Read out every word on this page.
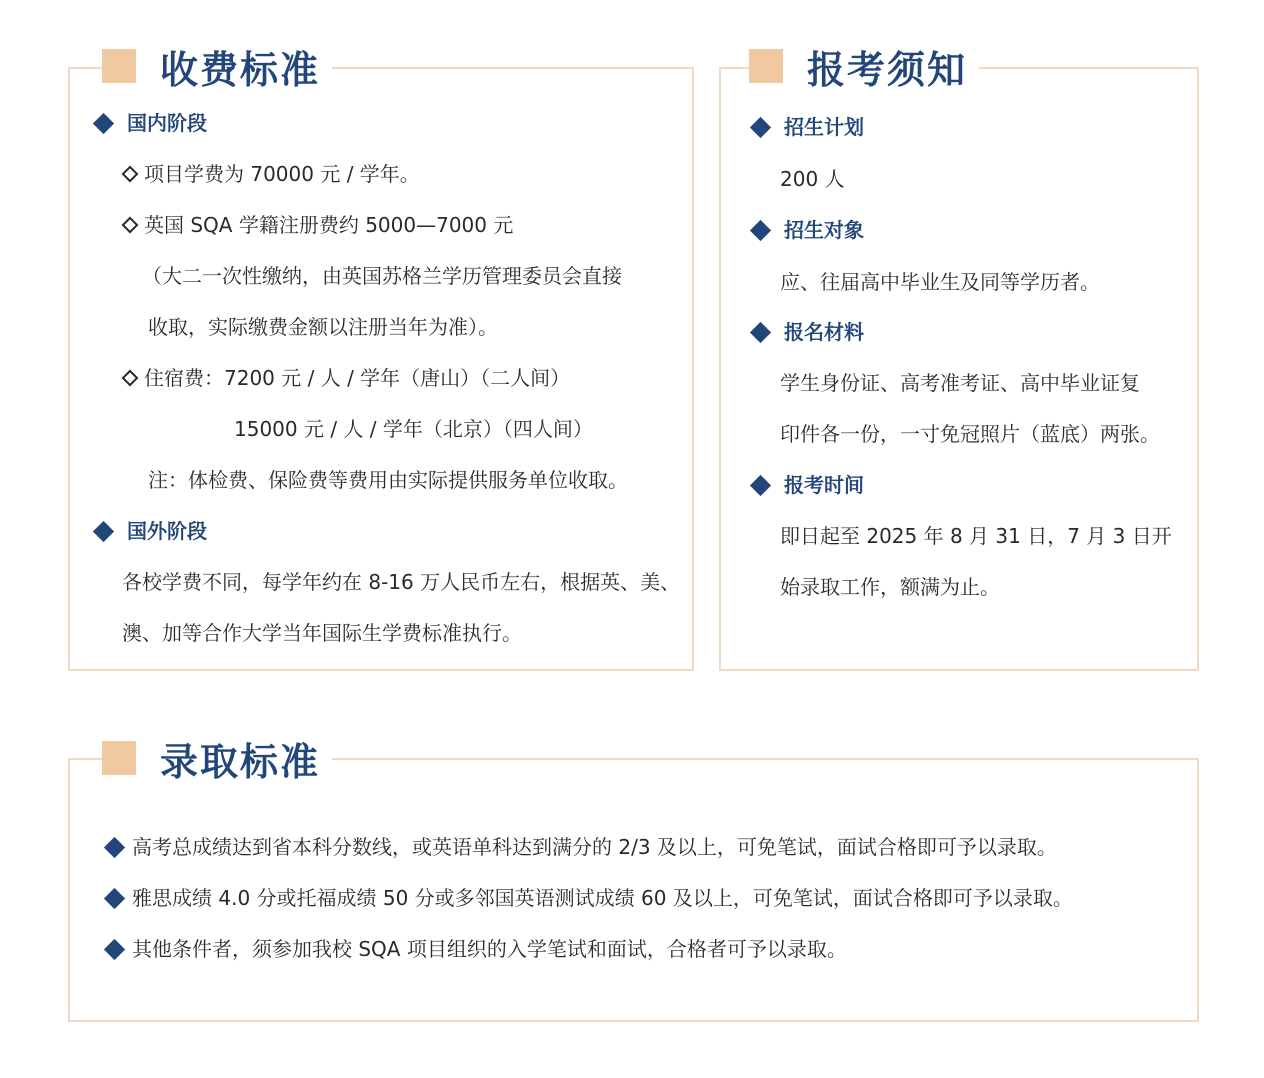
收费标准
国内阶段
项目学费为 70000 元 / 学年。
英国 SQA 学籍注册费约 5000—7000 元
（大二一次性缴纳，由英国苏格兰学历管理委员会直接
收取，实际缴费金额以注册当年为准）。
住宿费：7200 元 / 人 / 学年（唐山）（二人间）
15000 元 / 人 / 学年（北京）（四人间）
注：体检费、保险费等费用由实际提供服务单位收取。
国外阶段
各校学费不同，每学年约在 8-16 万人民币左右，根据英、美、
澳、加等合作大学当年国际生学费标准执行。
报考须知
招生计划
200 人
招生对象
应、往届高中毕业生及同等学历者。
报名材料
学生身份证、高考准考证、高中毕业证复
印件各一份，一寸免冠照片（蓝底）两张。
报考时间
即日起至 2025 年 8 月 31 日，7 月 3 日开
始录取工作，额满为止。
录取标准
高考总成绩达到省本科分数线，或英语单科达到满分的 2/3 及以上，可免笔试，面试合格即可予以录取。
雅思成绩 4.0 分或托福成绩 50 分或多邻国英语测试成绩 60 及以上，可免笔试，面试合格即可予以录取。
其他条件者，须参加我校 SQA 项目组织的入学笔试和面试，合格者可予以录取。
